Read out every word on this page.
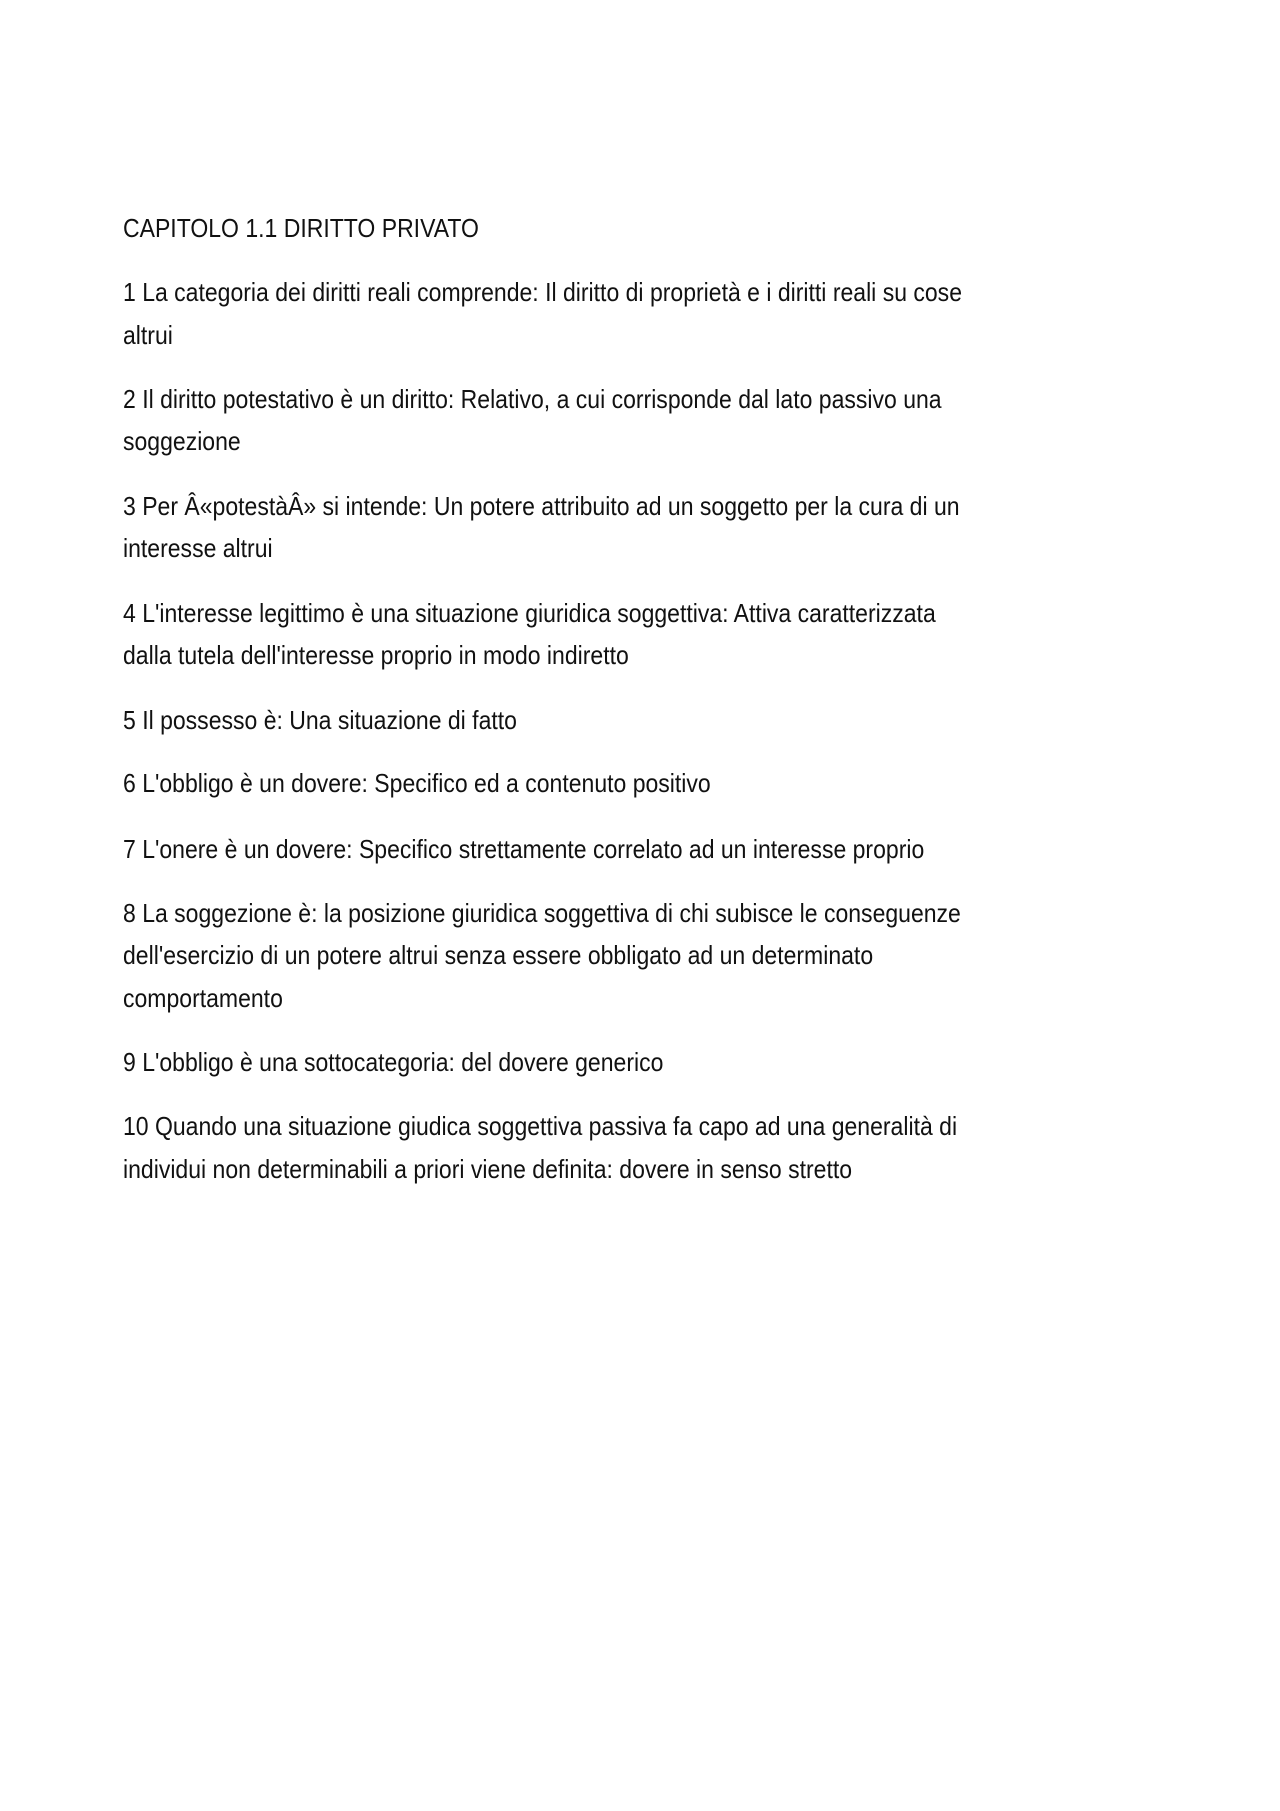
CAPITOLO 1.1 DIRITTO PRIVATO
1 La categoria dei diritti reali comprende: Il diritto di proprietà e i diritti reali su cose
altrui
2 Il diritto potestativo è un diritto: Relativo, a cui corrisponde dal lato passivo una
soggezione
3 Per Â«potestàÂ» si intende: Un potere attribuito ad un soggetto per la cura di un
interesse altrui
4 L'interesse legittimo è una situazione giuridica soggettiva: Attiva caratterizzata
dalla tutela dell'interesse proprio in modo indiretto
5 Il possesso è: Una situazione di fatto
6 L'obbligo è un dovere: Specifico ed a contenuto positivo
7 L'onere è un dovere: Specifico strettamente correlato ad un interesse proprio
8 La soggezione è: la posizione giuridica soggettiva di chi subisce le conseguenze
dell'esercizio di un potere altrui senza essere obbligato ad un determinato
comportamento
9 L'obbligo è una sottocategoria: del dovere generico
10 Quando una situazione giudica soggettiva passiva fa capo ad una generalità di
individui non determinabili a priori viene definita: dovere in senso stretto
